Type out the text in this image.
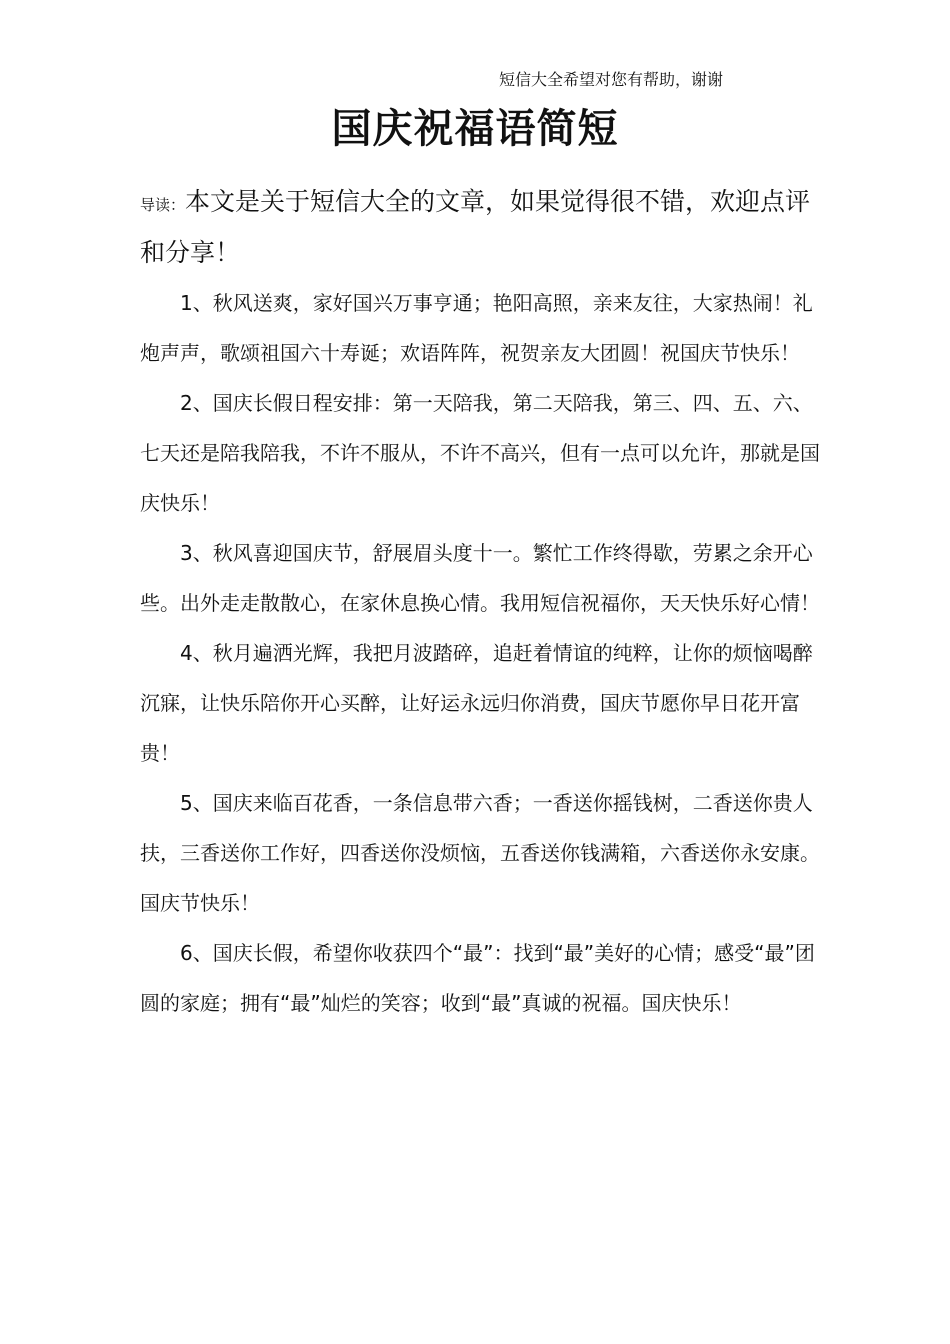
短信大全希望对您有帮助，谢谢
国庆祝福语简短
导读：本文是关于短信大全的文章，如果觉得很不错，欢迎点评和分享！

1、秋风送爽，家好国兴万事亨通；艳阳高照，亲来友往，大家热闹！礼炮声声，歌颂祖国六十寿诞；欢语阵阵，祝贺亲友大团圆！祝国庆节快乐！

2、国庆长假日程安排：第一天陪我，第二天陪我，第三、四、五、六、七天还是陪我陪我，不许不服从，不许不高兴，但有一点可以允许，那就是国庆快乐！

3、秋风喜迎国庆节，舒展眉头度十一。繁忙工作终得歇，劳累之余开心些。出外走走散散心，在家休息换心情。我用短信祝福你，天天快乐好心情！

4、秋月遍洒光辉，我把月波踏碎，追赶着情谊的纯粹，让你的烦恼喝醉沉寐，让快乐陪你开心买醉，让好运永远归你消费，国庆节愿你早日花开富贵！

5、国庆来临百花香，一条信息带六香；一香送你摇钱树，二香送你贵人扶，三香送你工作好，四香送你没烦恼，五香送你钱满箱，六香送你永安康。国庆节快乐！

6、国庆长假，希望你收获四个“最”：找到“最”美好的心情；感受“最”团圆的家庭；拥有“最”灿烂的笑容；收到“最”真诚的祝福。国庆快乐！
